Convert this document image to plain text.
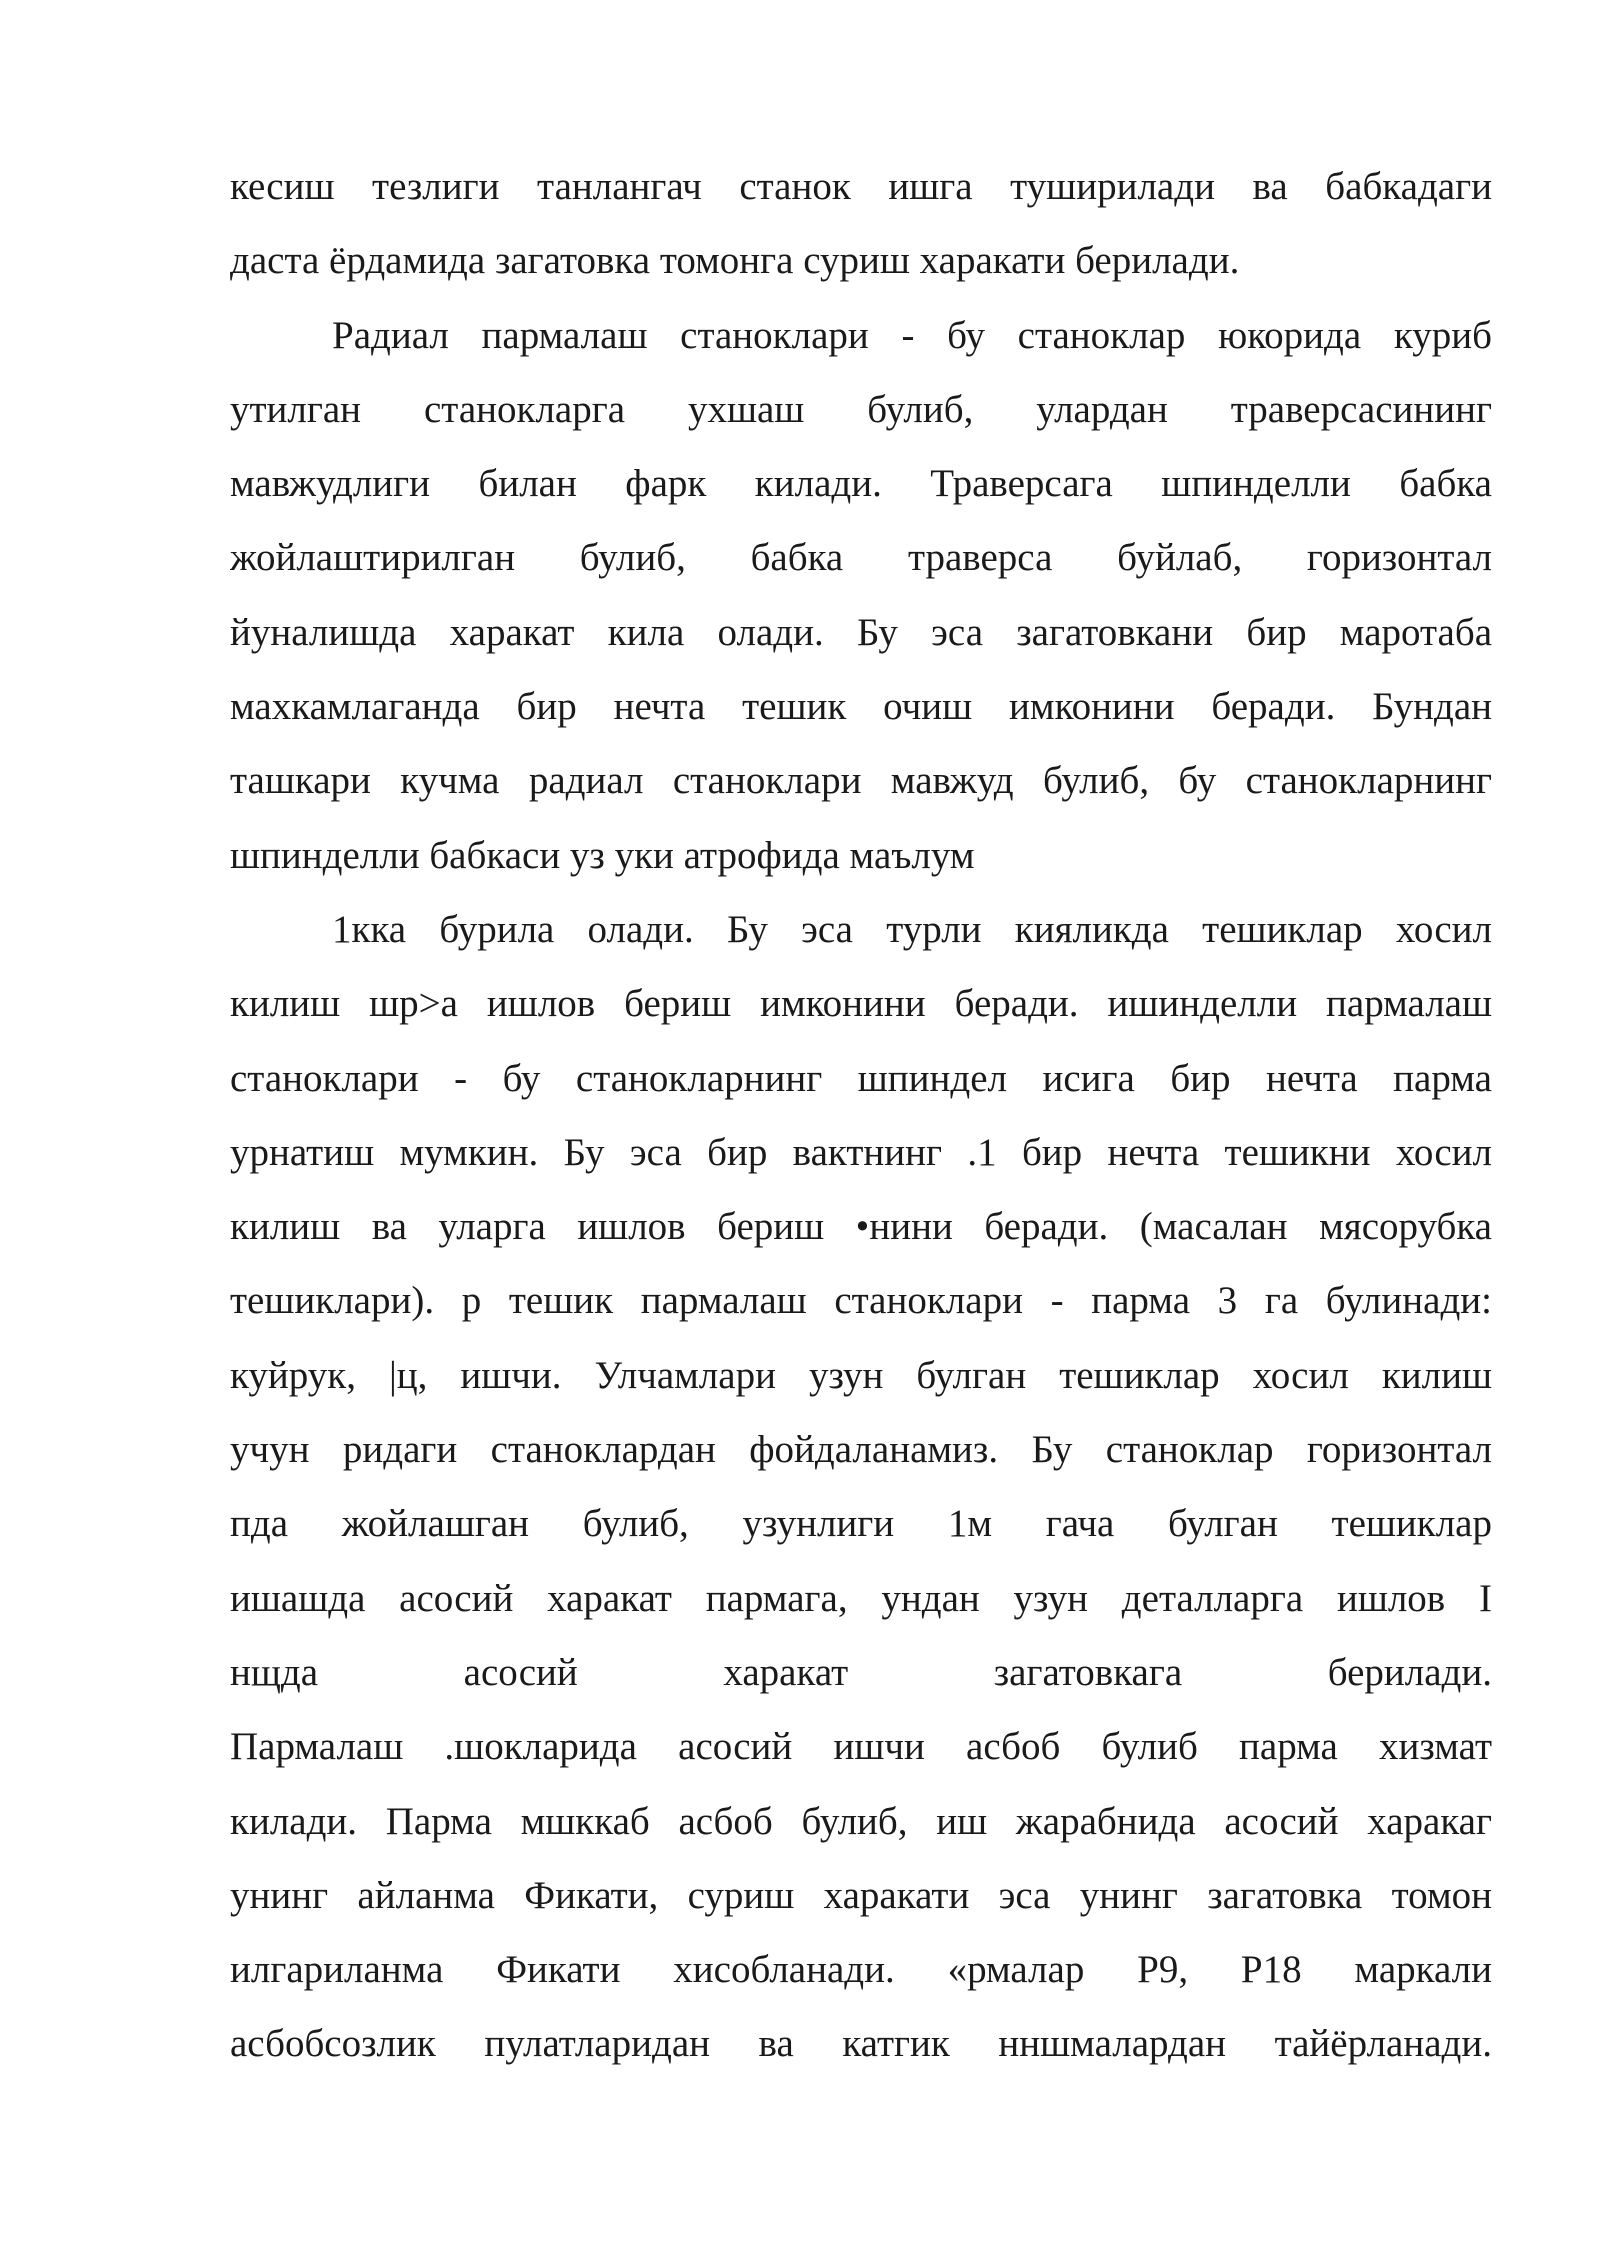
кесиш тезлиги танлангач станок ишга туширилади ва бабкадаги
даста ёрдамида загатовка томонга суриш харакати берилади.
Радиал пармалаш станоклари - бу станоклар юкорида куриб
утилган станокларга ухшаш булиб, улардан траверсасининг
мавжудлиги билан фарк килади. Траверсага шпинделли бабка
жойлаштирилган булиб, бабка траверса буйлаб, горизонтал
йуналишда харакат кила олади. Бу эса загатовкани бир маротаба
махкамлаганда бир нечта тешик очиш имконини беради. Бундан
ташкари кучма радиал станоклари мавжуд булиб, бу станокларнинг
шпинделли бабкаси уз уки атрофида маълум
1кка бурила олади. Бу эса турли кияликда тешиклар хосил
килиш шр>а ишлов бериш имконини беради. ишинделли пармалаш
станоклари - бу станокларнинг шпиндел исига бир нечта парма
урнатиш мумкин. Бу эса бир вактнинг .1 бир нечта тешикни хосил
килиш ва уларга ишлов бериш •нини беради. (масалан мясорубка
тешиклари). р тешик пармалаш станоклари - парма 3 га булинади:
куйрук, |ц, ишчи. Улчамлари узун булган тешиклар хосил килиш
учун ридаги станоклардан фойдаланамиз. Бу станоклар горизонтал
пда жойлашган булиб, узунлиги 1м гача булган тешиклар
ишашда асосий харакат пармага, ундан узун деталларга ишлов I
нщда асосий харакат загатовкага берилади.
Пармалаш .шокларида асосий ишчи асбоб булиб парма хизмат
килади. Парма мшккаб асбоб булиб, иш жарабнида асосий харакаг
унинг айланма Фикати, суриш харакати эса унинг загатовка томон
илгариланма Фикати хисобланади. «рмалар Р9, Р18 маркали
асбобсозлик пулатларидан ва катгик нншмалардан тайёрланади.
